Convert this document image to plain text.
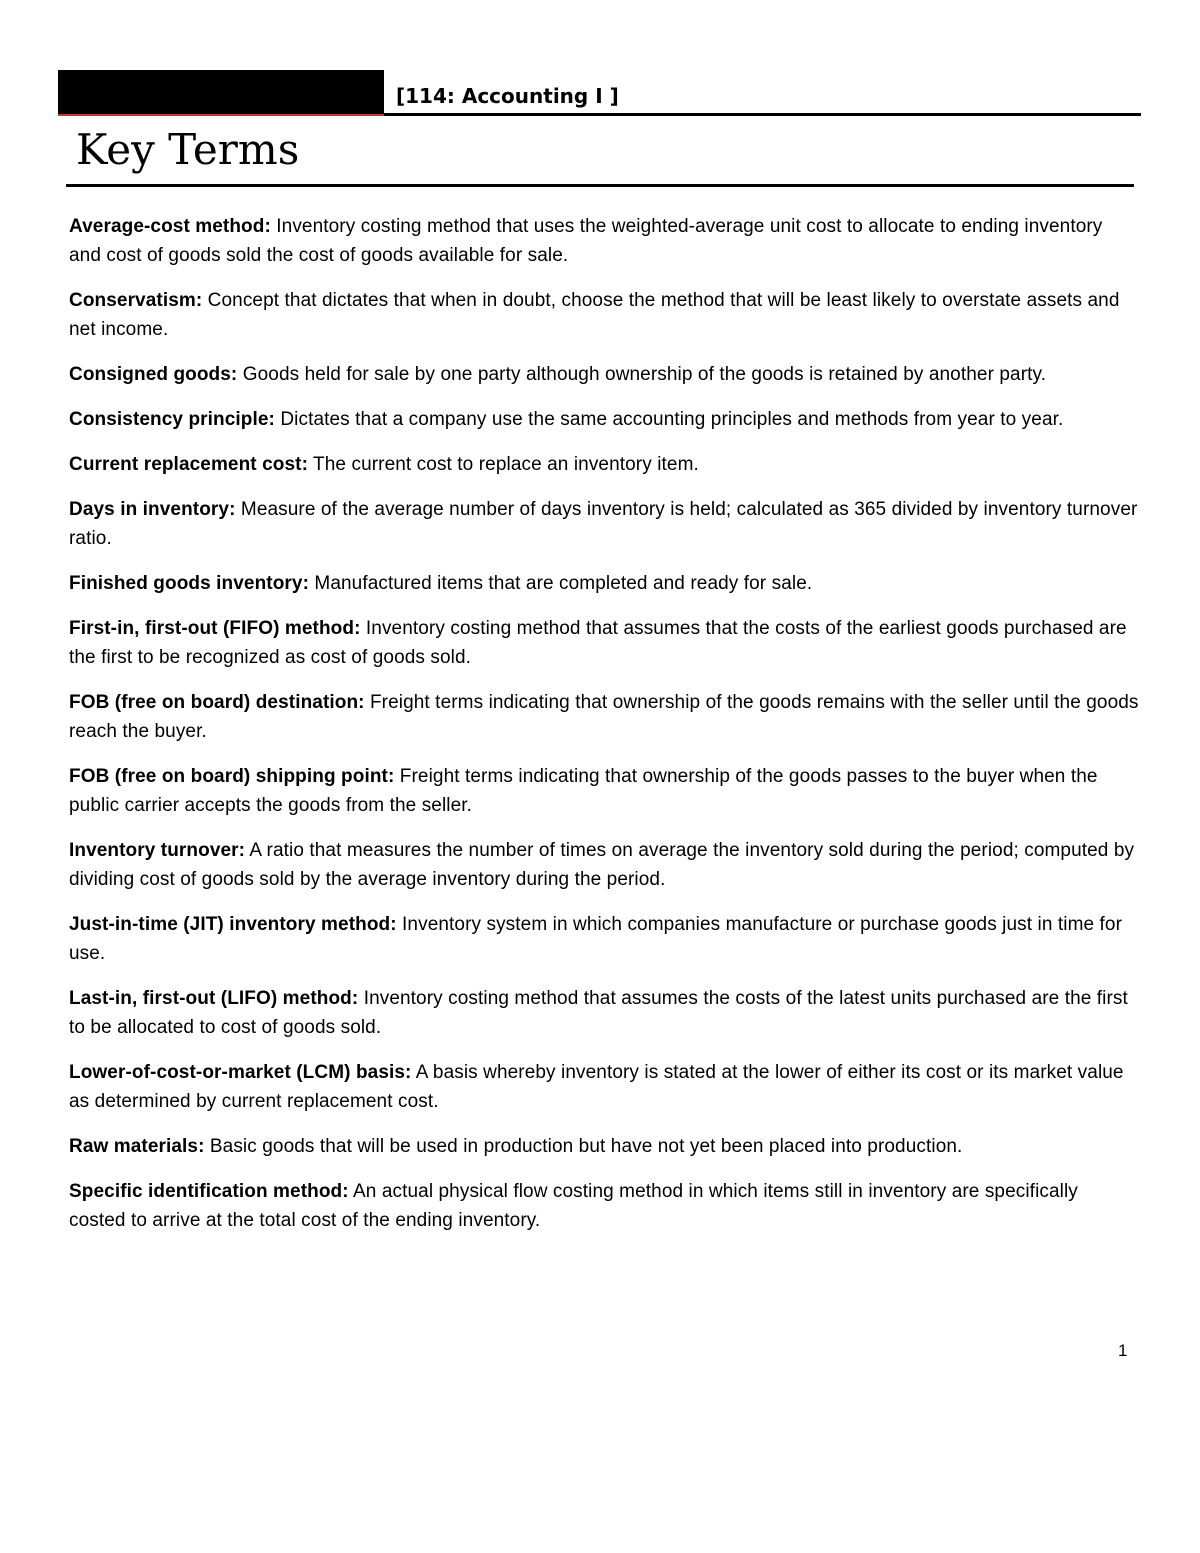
[114: Accounting I ]
Key Terms
Average-cost method: Inventory costing method that uses the weighted-average unit cost to allocate to ending inventory and cost of goods sold the cost of goods available for sale.
Conservatism: Concept that dictates that when in doubt, choose the method that will be least likely to overstate assets and net income.
Consigned goods: Goods held for sale by one party although ownership of the goods is retained by another party.
Consistency principle: Dictates that a company use the same accounting principles and methods from year to year.
Current replacement cost: The current cost to replace an inventory item.
Days in inventory: Measure of the average number of days inventory is held; calculated as 365 divided by inventory turnover ratio.
Finished goods inventory: Manufactured items that are completed and ready for sale.
First-in, first-out (FIFO) method: Inventory costing method that assumes that the costs of the earliest goods purchased are the first to be recognized as cost of goods sold.
FOB (free on board) destination: Freight terms indicating that ownership of the goods remains with the seller until the goods reach the buyer.
FOB (free on board) shipping point: Freight terms indicating that ownership of the goods passes to the buyer when the public carrier accepts the goods from the seller.
Inventory turnover: A ratio that measures the number of times on average the inventory sold during the period; computed by dividing cost of goods sold by the average inventory during the period.
Just-in-time (JIT) inventory method: Inventory system in which companies manufacture or purchase goods just in time for use.
Last-in, first-out (LIFO) method: Inventory costing method that assumes the costs of the latest units purchased are the first to be allocated to cost of goods sold.
Lower-of-cost-or-market (LCM) basis: A basis whereby inventory is stated at the lower of either its cost or its market value as determined by current replacement cost.
Raw materials: Basic goods that will be used in production but have not yet been placed into production.
Specific identification method: An actual physical flow costing method in which items still in inventory are specifically costed to arrive at the total cost of the ending inventory.
1
